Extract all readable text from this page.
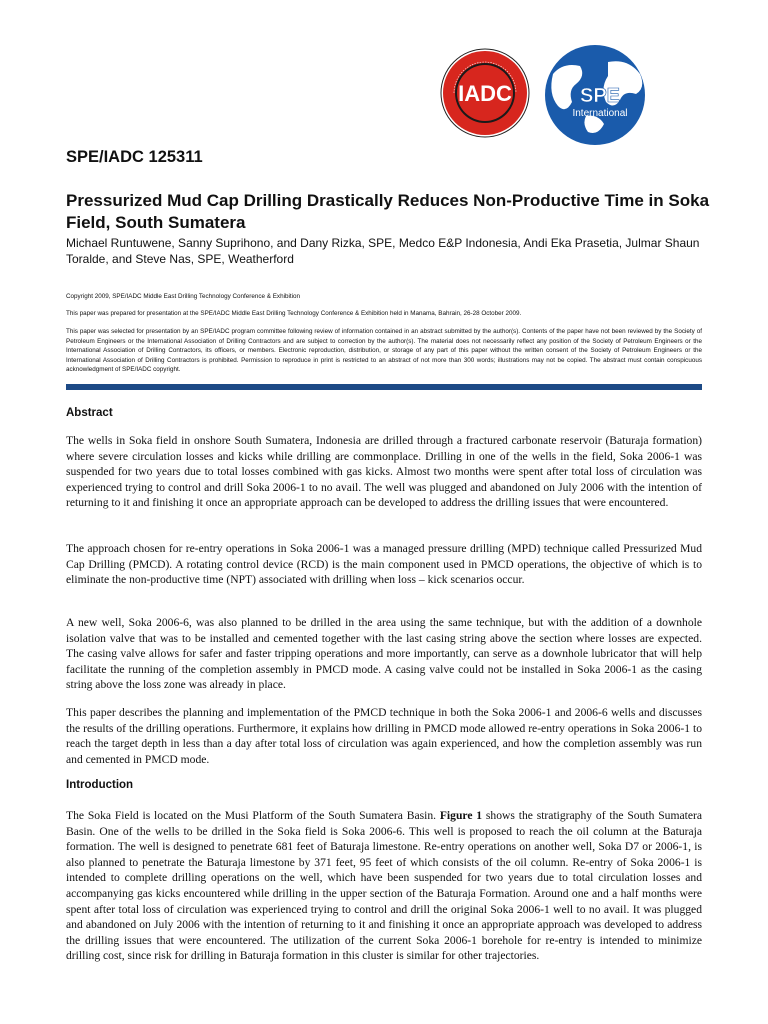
IADC	SPE
International
SPE/IADC 125311
Pressurized Mud Cap Drilling Drastically Reduces Non-Productive Time in Soka Field, South Sumatera
Michael Runtuwene, Sanny Suprihono, and Dany Rizka, SPE, Medco E&P Indonesia, Andi Eka Prasetia, Julmar Shaun Toralde, and Steve Nas, SPE, Weatherford
Copyright 2009, SPE/IADC Middle East Drilling Technology Conference & Exhibition
This paper was prepared for presentation at the SPE/IADC Middle East Drilling Technology Conference & Exhibition held in Manama, Bahrain, 26-28 October 2009.
This paper was selected for presentation by an SPE/IADC program committee following review of information contained in an abstract submitted by the author(s). Contents of the paper have not been reviewed by the Society of Petroleum Engineers or the International Association of Drilling Contractors and are subject to correction by the author(s). The material does not necessarily reflect any position of the Society of Petroleum Engineers or the International Association of Drilling Contractors, its officers, or members. Electronic reproduction, distribution, or storage of any part of this paper without the written consent of the Society of Petroleum Engineers or the International Association of Drilling Contractors is prohibited. Permission to reproduce in print is restricted to an abstract of not more than 300 words; illustrations may not be copied. The abstract must contain conspicuous acknowledgment of SPE/IADC copyright.
Abstract

The wells in Soka field in onshore South Sumatera, Indonesia are drilled through a fractured carbonate reservoir (Baturaja formation) where severe circulation losses and kicks while drilling are commonplace. Drilling in one of the wells in the field, Soka 2006-1 was suspended for two years due to total losses combined with gas kicks. Almost two months were spent after total loss of circulation was experienced trying to control and drill Soka 2006-1 to no avail. The well was plugged and abandoned on July 2006 with the intention of returning to it and finishing it once an appropriate approach can be developed to address the drilling issues that were encountered.

The approach chosen for re-entry operations in Soka 2006-1 was a managed pressure drilling (MPD) technique called Pressurized Mud Cap Drilling (PMCD). A rotating control device (RCD) is the main component used in PMCD operations, the objective of which is to eliminate the non-productive time (NPT) associated with drilling when loss – kick scenarios occur.

A new well, Soka 2006-6, was also planned to be drilled in the area using the same technique, but with the addition of a downhole isolation valve that was to be installed and cemented together with the last casing string above the section where losses are expected. The casing valve allows for safer and faster tripping operations and more importantly, can serve as a downhole lubricator that will help facilitate the running of the completion assembly in PMCD mode. A casing valve could not be installed in Soka 2006-1 as the casing string above the loss zone was already in place.

This paper describes the planning and implementation of the PMCD technique in both the Soka 2006-1 and 2006-6 wells and discusses the results of the drilling operations. Furthermore, it explains how drilling in PMCD mode allowed re-entry operations in Soka 2006-1 to reach the target depth in less than a day after total loss of circulation was again experienced, and how the completion assembly was run and cemented in PMCD mode.

Introduction

The Soka Field is located on the Musi Platform of the South Sumatera Basin. Figure 1 shows the stratigraphy of the South Sumatera Basin. One of the wells to be drilled in the Soka field is Soka 2006-6. This well is proposed to reach the oil column at the Baturaja formation. The well is designed to penetrate 681 feet of Baturaja limestone. Re-entry operations on another well, Soka D7 or 2006-1, is also planned to penetrate the Baturaja limestone by 371 feet, 95 feet of which consists of the oil column. Re-entry of Soka 2006-1 is intended to complete drilling operations on the well, which have been suspended for two years due to total circulation losses and accompanying gas kicks encountered while drilling in the upper section of the Baturaja Formation. Around one and a half months were spent after total loss of circulation was experienced trying to control and drill the original Soka 2006-1 well to no avail. It was plugged and abandoned on July 2006 with the intention of returning to it and finishing it once an appropriate approach was developed to address the drilling issues that were encountered. The utilization of the current Soka 2006-1 borehole for re-entry is intended to minimize drilling cost, since risk for drilling in Baturaja formation in this cluster is similar for other trajectories.
